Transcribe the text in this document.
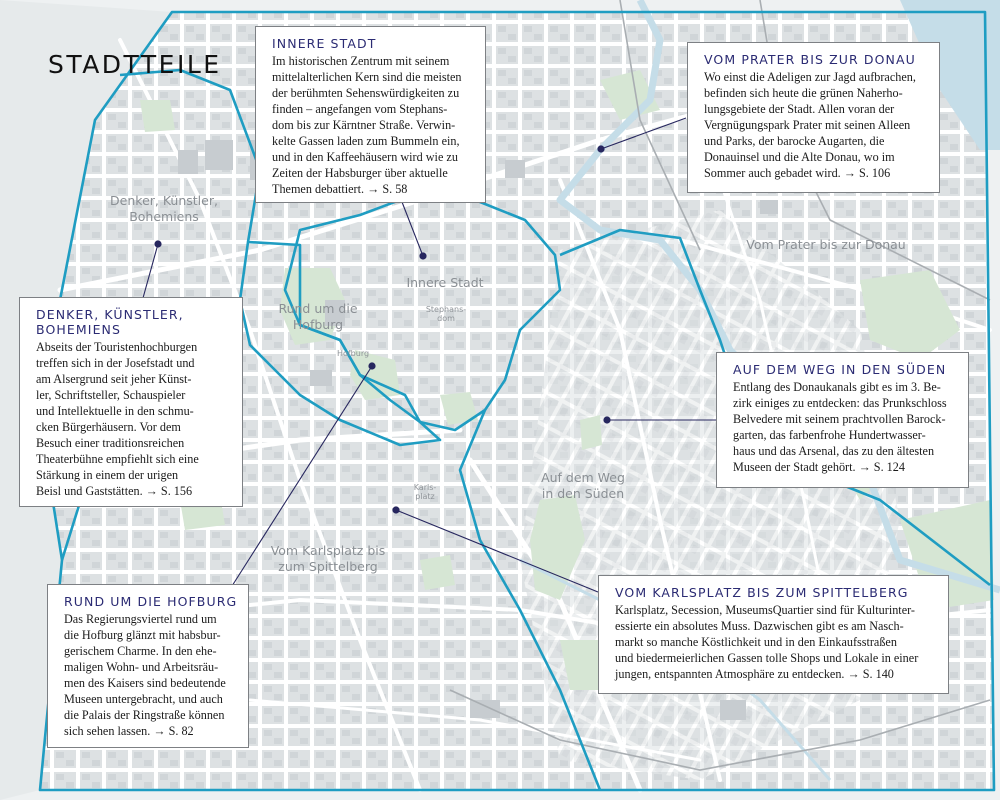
STADTTEILE
Denker, Künstler,
Bohemiens
Innere Stadt
Rund um die
Hofburg
Vom Prater bis zur Donau
Auf dem Weg
in den Süden
Vom Karlsplatz bis
zum Spittelberg
Stephans-
dom
Hofburg
Karls-
platz
INNERE STADT

Im historischen Zentrum mit seinem
mittelalterlichen Kern sind die meisten
der berühmten Sehenswürdigkeiten zu
finden – angefangen vom Stephans-
dom bis zur Kärntner Straße. Verwin-
kelte Gassen laden zum Bummeln ein,
und in den Kaffeehäusern wird wie zu
Zeiten der Habsburger über aktuelle
Themen debattiert. → S. 58

VOM PRATER BIS ZUR DONAU

Wo einst die Adeligen zur Jagd aufbrachen,
befinden sich heute die grünen Naherho-
lungsgebiete der Stadt. Allen voran der
Vergnügungspark Prater mit seinen Alleen
und Parks, der barocke Augarten, die
Donauinsel und die Alte Donau, wo im
Sommer auch gebadet wird. → S. 106

DENKER, KÜNSTLER,
BOHEMIENS

Abseits der Touristenhochburgen
treffen sich in der Josefstadt und
am Alsergrund seit jeher Künst-
ler, Schriftsteller, Schauspieler
und Intellektuelle in den schmu-
cken Bürgerhäusern. Vor dem
Besuch einer traditionsreichen
Theaterbühne empfiehlt sich eine
Stärkung in einem der urigen
Beisl und Gaststätten. → S. 156

AUF DEM WEG IN DEN SÜDEN

Entlang des Donaukanals gibt es im 3. Be-
zirk einiges zu entdecken: das Prunkschloss
Belvedere mit seinem prachtvollen Barock-
garten, das farbenfrohe Hundertwasser-
haus und das Arsenal, das zu den ältesten
Museen der Stadt gehört. → S. 124

VOM KARLSPLATZ BIS ZUM SPITTELBERG

Karlsplatz, Secession, MuseumsQuartier sind für Kulturinter-
essierte ein absolutes Muss. Dazwischen gibt es am Nasch-
markt so manche Köstlichkeit und in den Einkaufsstraßen
und biedermeierlichen Gassen tolle Shops und Lokale in einer
jungen, entspannten Atmosphäre zu entdecken. → S. 140

RUND UM DIE HOFBURG

Das Regierungsviertel rund um
die Hofburg glänzt mit habsbur-
gerischem Charme. In den ehe-
maligen Wohn- und Arbeitsräu-
men des Kaisers sind bedeutende
Museen untergebracht, und auch
die Palais der Ringstraße können
sich sehen lassen. → S. 82
